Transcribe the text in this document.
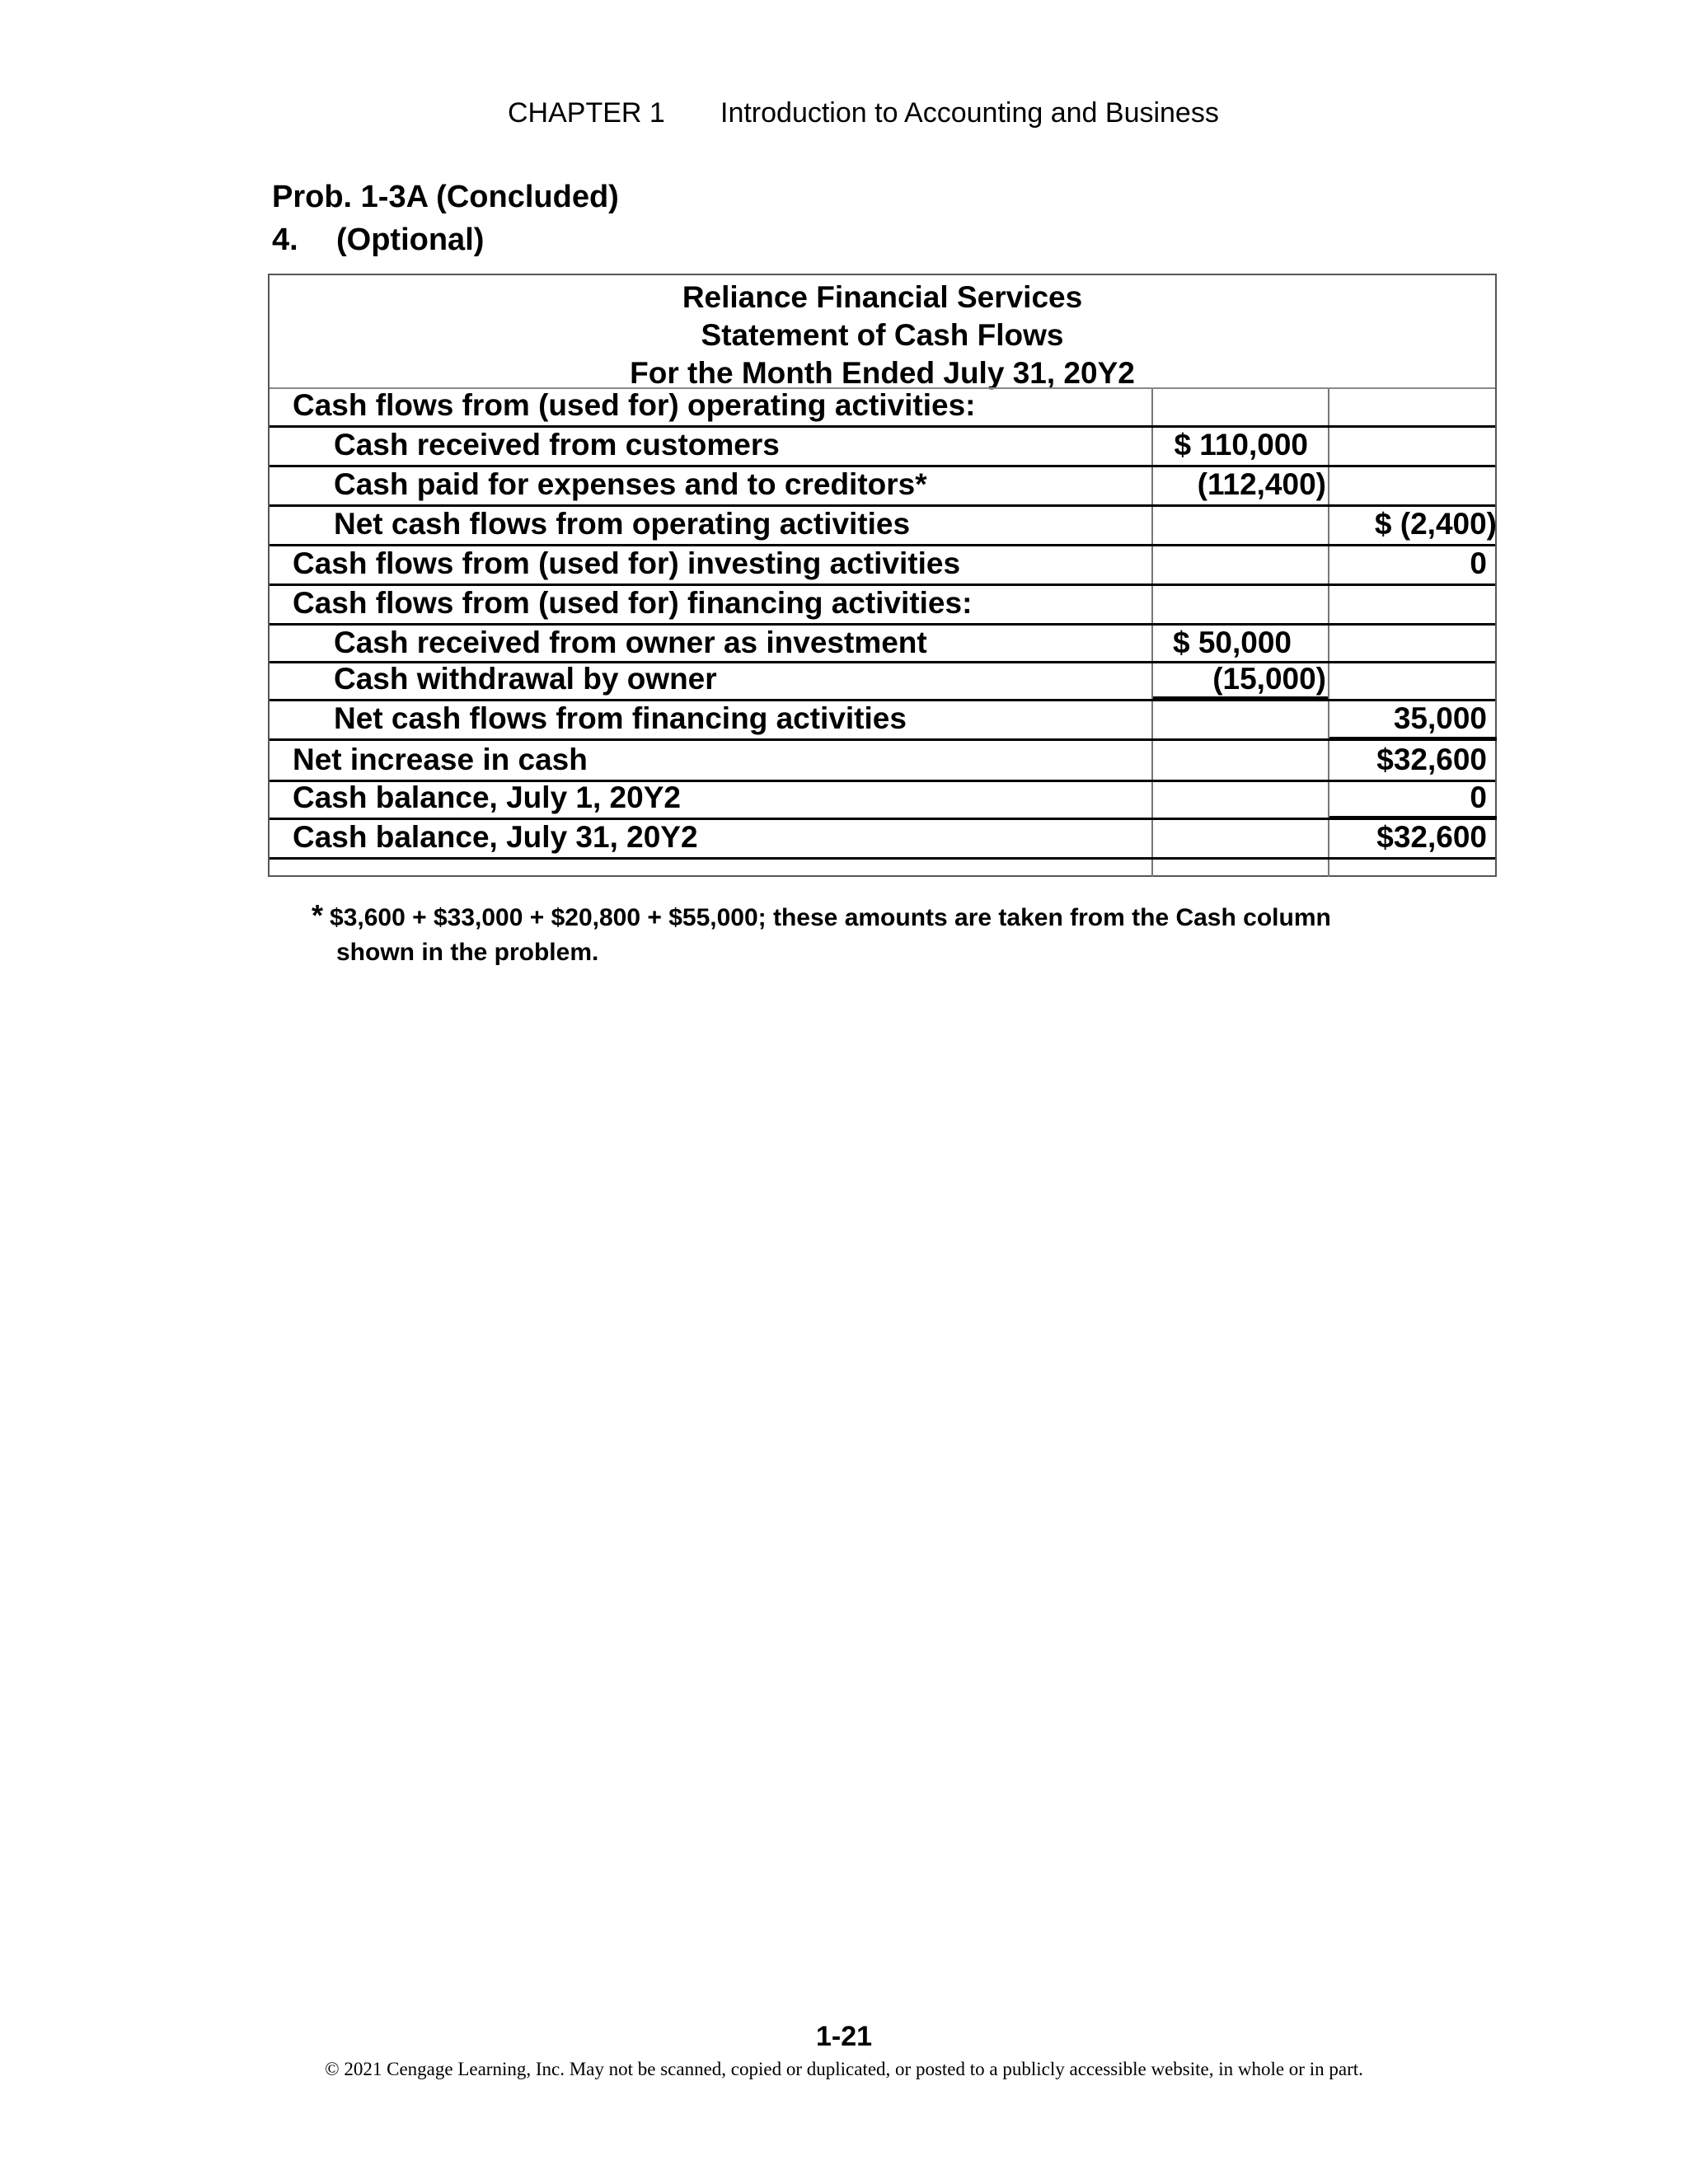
CHAPTER 1 Introduction to Accounting and Business
Prob. 1-3A (Concluded)
4. (Optional)
Reliance Financial Services
Statement of Cash Flows
For the Month Ended July 31, 20Y2
Cash flows from (used for) operating activities:
Cash received from customers	$ 110,000
Cash paid for expenses and to creditors*	(112,400)
Net cash flows from operating activities	$ (2,400)
Cash flows from (used for) investing activities	0
Cash flows from (used for) financing activities:
Cash received from owner as investment	$ 50,000
Cash withdrawal by owner	(15,000)
Net cash flows from financing activities	35,000
Net increase in cash	$32,600
Cash balance, July 1, 20Y2	0
Cash balance, July 31, 20Y2	$32,600
* $3,600 + $33,000 + $20,800 + $55,000; these amounts are taken from the Cash column
shown in the problem.
1-21
© 2021 Cengage Learning, Inc. May not be scanned, copied or duplicated, or posted to a publicly accessible website, in whole or in part.
